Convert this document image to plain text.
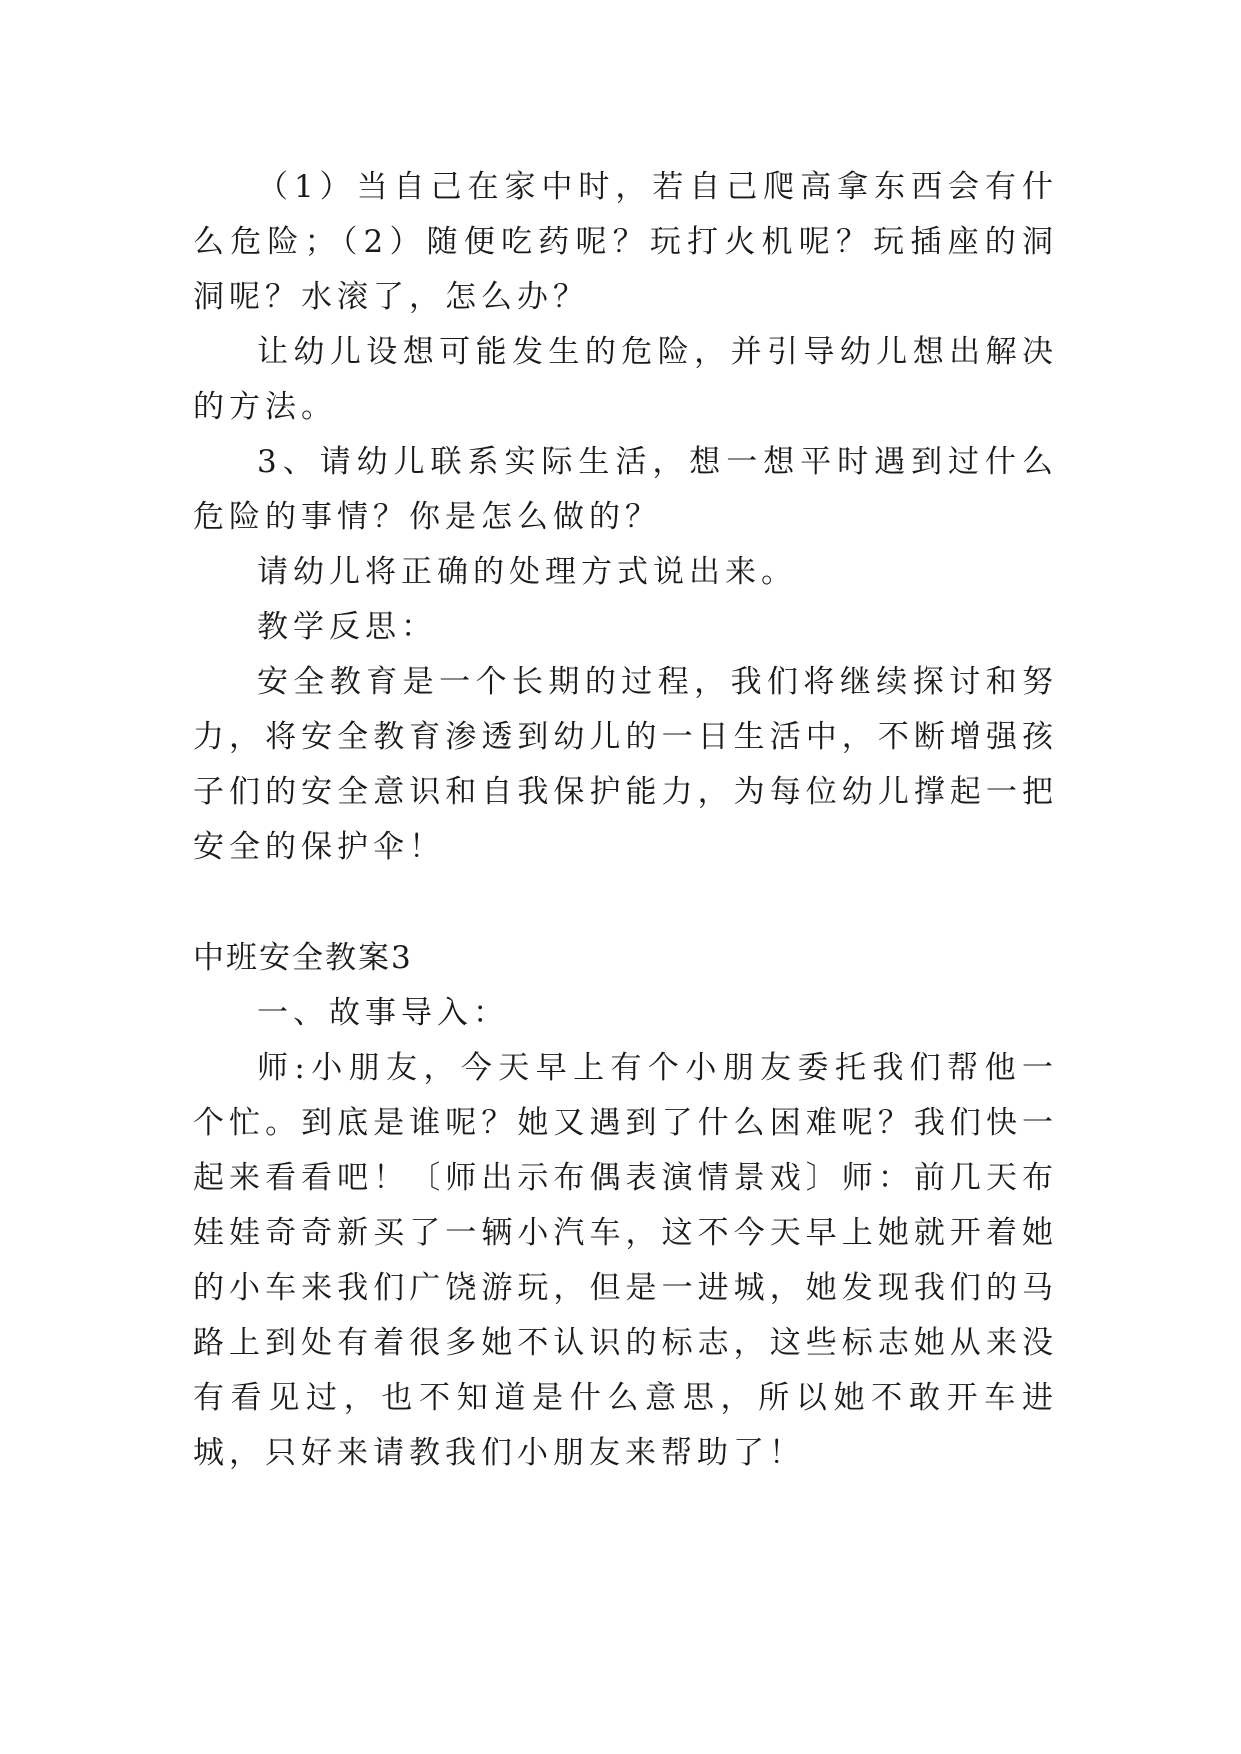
（1）当自己在家中时，若自己爬高拿东西会有什么危险；（2）随便吃药呢？玩打火机呢？玩插座的洞洞呢？水滚了，怎么办？

让幼儿设想可能发生的危险，并引导幼儿想出解决的方法。

3、请幼儿联系实际生活，想一想平时遇到过什么危险的事情？你是怎么做的？

请幼儿将正确的处理方式说出来。

教学反思：

安全教育是一个长期的过程，我们将继续探讨和努力，将安全教育渗透到幼儿的一日生活中，不断增强孩子们的安全意识和自我保护能力，为每位幼儿撑起一把安全的保护伞！

中班安全教案3

一、故事导入：

师:小朋友，今天早上有个小朋友委托我们帮他一个忙。到底是谁呢？她又遇到了什么困难呢？我们快一起来看看吧！〔师出示布偶表演情景戏〕师：前几天布娃娃奇奇新买了一辆小汽车，这不今天早上她就开着她的小车来我们广饶游玩，但是一进城，她发现我们的马路上到处有着很多她不认识的标志，这些标志她从来没有看见过，也不知道是什么意思，所以她不敢开车进城，只好来请教我们小朋友来帮助了！
